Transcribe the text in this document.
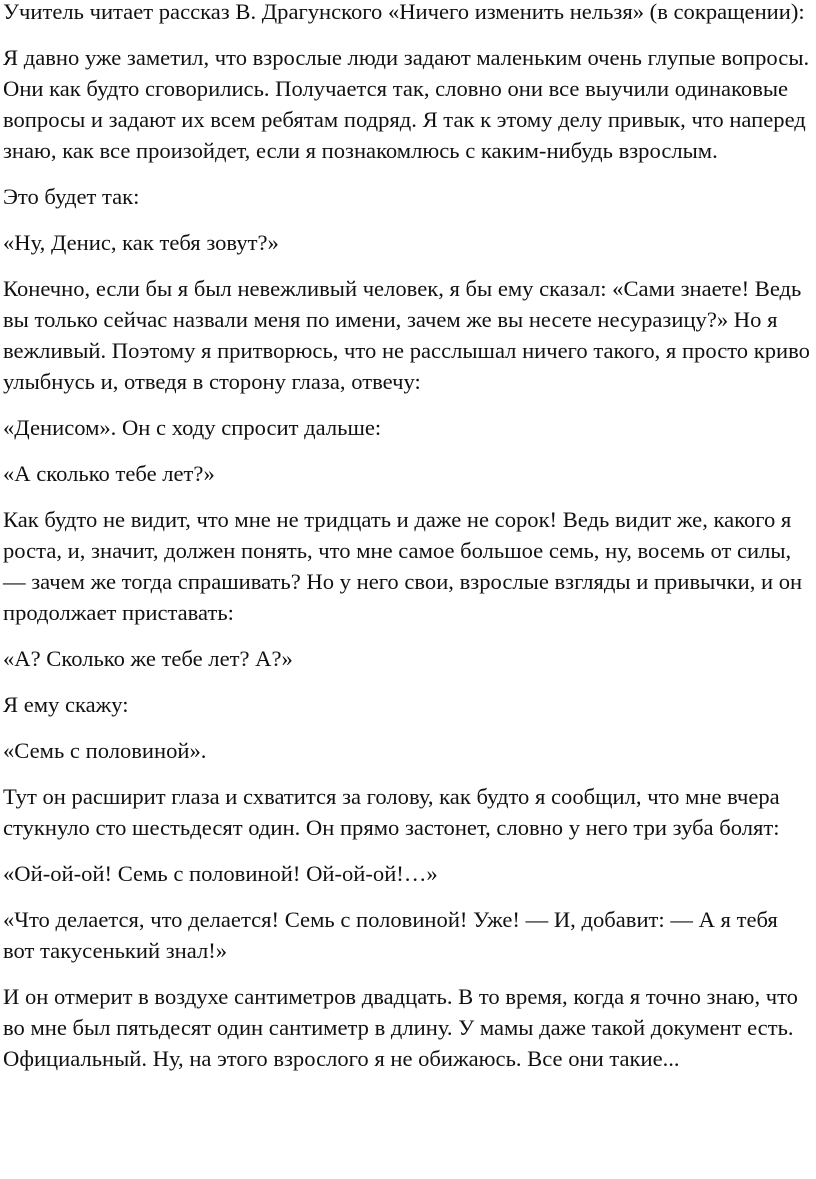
Учитель читает рассказ В. Драгунского «Ничего изменить нельзя» (в сокращении):

Я давно уже заметил, что взрослые люди задают маленьким очень глупые вопросы. Они как будто сговорились. Получается так, словно они все выучили одинаковые вопросы и задают их всем ребятам подряд. Я так к этому делу привык, что наперед знаю, как все произойдет, если я познакомлюсь с каким-нибудь взрослым.

Это будет так:

«Ну, Денис, как тебя зовут?»

Конечно, если бы я был невежливый человек, я бы ему сказал: «Сами знаете! Ведь вы только сейчас назвали меня по имени, зачем же вы несете несуразицу?» Но я вежливый. Поэтому я притворюсь, что не расслышал ничего такого, я просто криво улыбнусь и, отведя в сторону глаза, отвечу:

«Денисом». Он с ходу спросит дальше:

«А сколько тебе лет?»

Как будто не видит, что мне не тридцать и даже не сорок! Ведь видит же, какого я роста, и, значит, должен понять, что мне самое большое семь, ну, восемь от силы, — зачем же тогда спрашивать? Но у него свои, взрослые взгляды и привычки, и он продолжает приставать:

«А? Сколько же тебе лет? А?»

Я ему скажу:

«Семь с половиной».

Тут он расширит глаза и схватится за голову, как будто я сообщил, что мне вчера стукнуло сто шестьдесят один. Он прямо застонет, словно у него три зуба болят:

«Ой-ой-ой! Семь с половиной! Ой-ой-ой!…»

«Что делается, что делается! Семь с половиной! Уже! — И, добавит: — А я тебя вот такусенький знал!»

И он отмерит в воздухе сантиметров двадцать. В то время, когда я точно знаю, что во мне был пятьдесят один сантиметр в длину. У мамы даже такой документ есть. Официальный. Ну, на этого взрослого я не обижаюсь. Все они такие...
